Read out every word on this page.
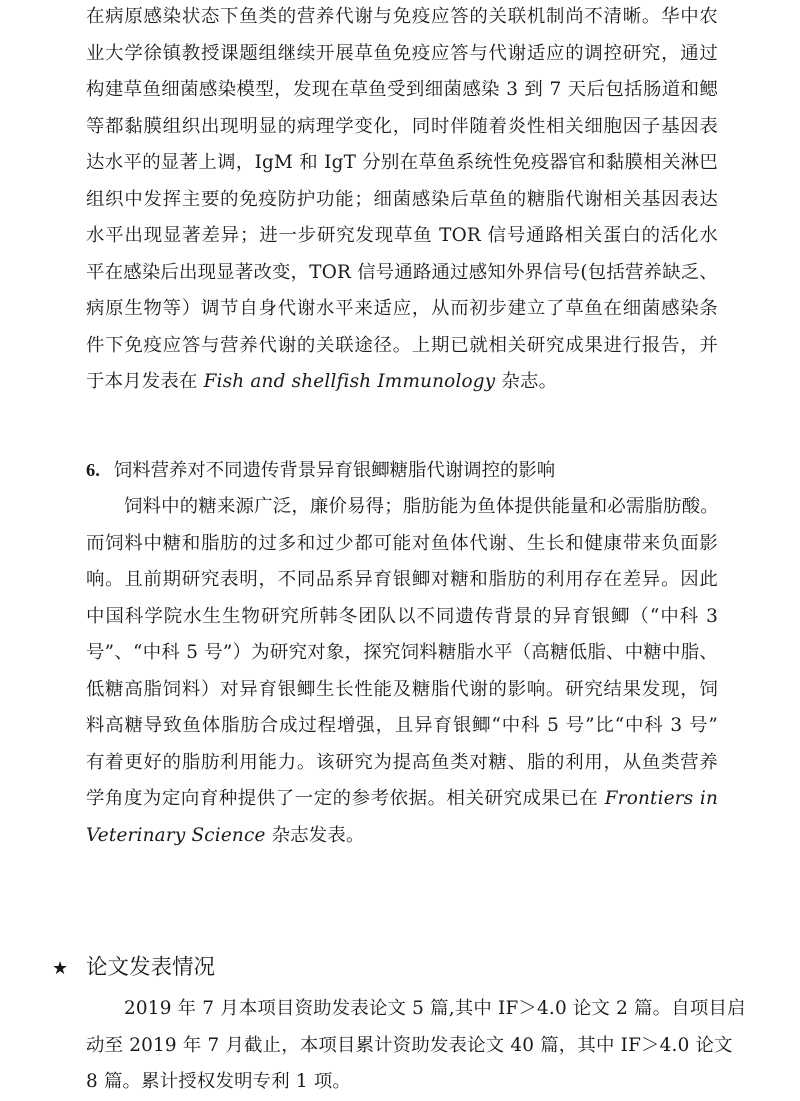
在病原感染状态下鱼类的营养代谢与免疫应答的关联机制尚不清晰。华中农
业大学徐镇教授课题组继续开展草鱼免疫应答与代谢适应的调控研究，通过
构建草鱼细菌感染模型，发现在草鱼受到细菌感染 3 到 7 天后包括肠道和鳃
等都黏膜组织出现明显的病理学变化，同时伴随着炎性相关细胞因子基因表
达水平的显著上调，IgM 和 IgT 分别在草鱼系统性免疫器官和黏膜相关淋巴
组织中发挥主要的免疫防护功能；细菌感染后草鱼的糖脂代谢相关基因表达
水平出现显著差异；进一步研究发现草鱼 TOR 信号通路相关蛋白的活化水
平在感染后出现显著改变，TOR 信号通路通过感知外界信号(包括营养缺乏、
病原生物等）调节自身代谢水平来适应，从而初步建立了草鱼在细菌感染条
件下免疫应答与营养代谢的关联途径。上期已就相关研究成果进行报告，并
于本月发表在 Fish and shellfish Immunology 杂志。
6. 饲料营养对不同遗传背景异育银鲫糖脂代谢调控的影响
饲料中的糖来源广泛，廉价易得；脂肪能为鱼体提供能量和必需脂肪酸。
而饲料中糖和脂肪的过多和过少都可能对鱼体代谢、生长和健康带来负面影
响。且前期研究表明，不同品系异育银鲫对糖和脂肪的利用存在差异。因此
中国科学院水生生物研究所韩冬团队以不同遗传背景的异育银鲫（“中科 3
号”、“中科 5 号”）为研究对象，探究饲料糖脂水平（高糖低脂、中糖中脂、
低糖高脂饲料）对异育银鲫生长性能及糖脂代谢的影响。研究结果发现，饲
料高糖导致鱼体脂肪合成过程增强，且异育银鲫“中科 5 号”比“中科 3 号”
有着更好的脂肪利用能力。该研究为提高鱼类对糖、脂的利用，从鱼类营养
学角度为定向育种提供了一定的参考依据。相关研究成果已在 Frontiers in
Veterinary Science 杂志发表。
★ 论文发表情况
2019 年 7 月本项目资助发表论文 5 篇,其中 IF＞4.0 论文 2 篇。自项目启
动至 2019 年 7 月截止，本项目累计资助发表论文 40 篇，其中 IF＞4.0 论文
8 篇。累计授权发明专利 1 项。
